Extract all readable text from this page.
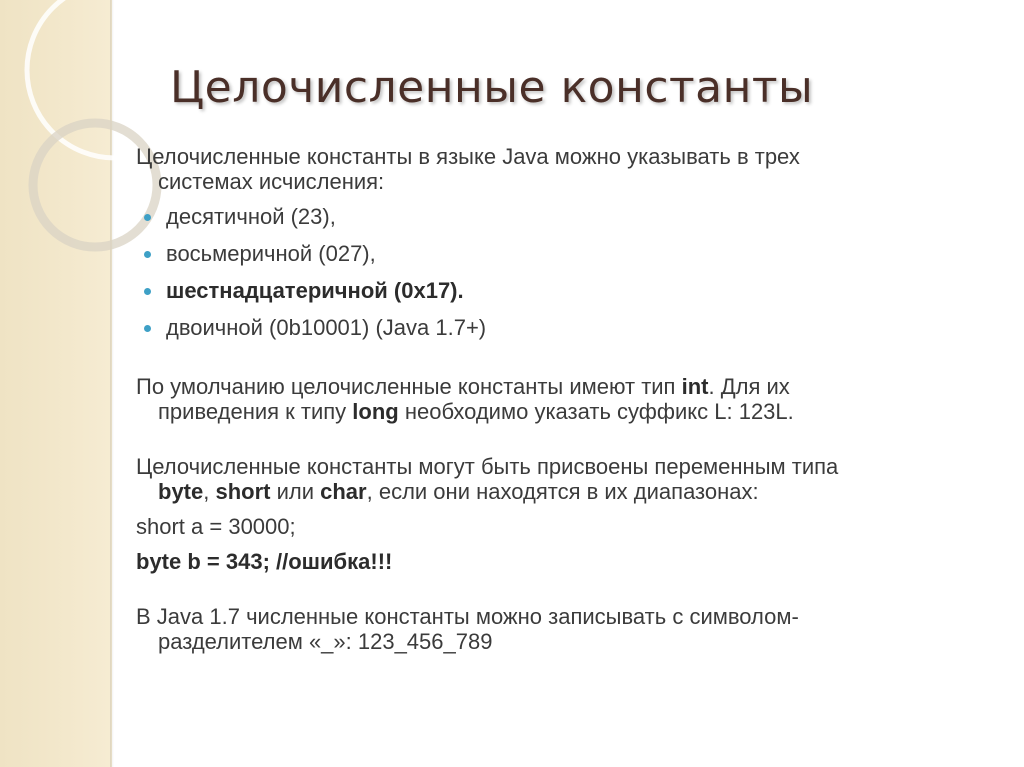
Целочисленные константы

Целочисленные константы в языке Java можно указывать в трех
системах исчисления:

десятичной (23),
восьмеричной (027),
шестнадцатеричной (0x17).
двоичной (0b10001) (Java 1.7+)

По умолчанию целочисленные константы имеют тип int. Для их
приведения к типу long необходимо указать суффикс L: 123L.

Целочисленные константы могут быть присвоены переменным типа
byte, short или char, если они находятся в их диапазонах:

short a = 30000;

byte b = 343; //ошибка!!!

В Java 1.7 численные константы можно записывать с символом-
разделителем «_»: 123_456_789
